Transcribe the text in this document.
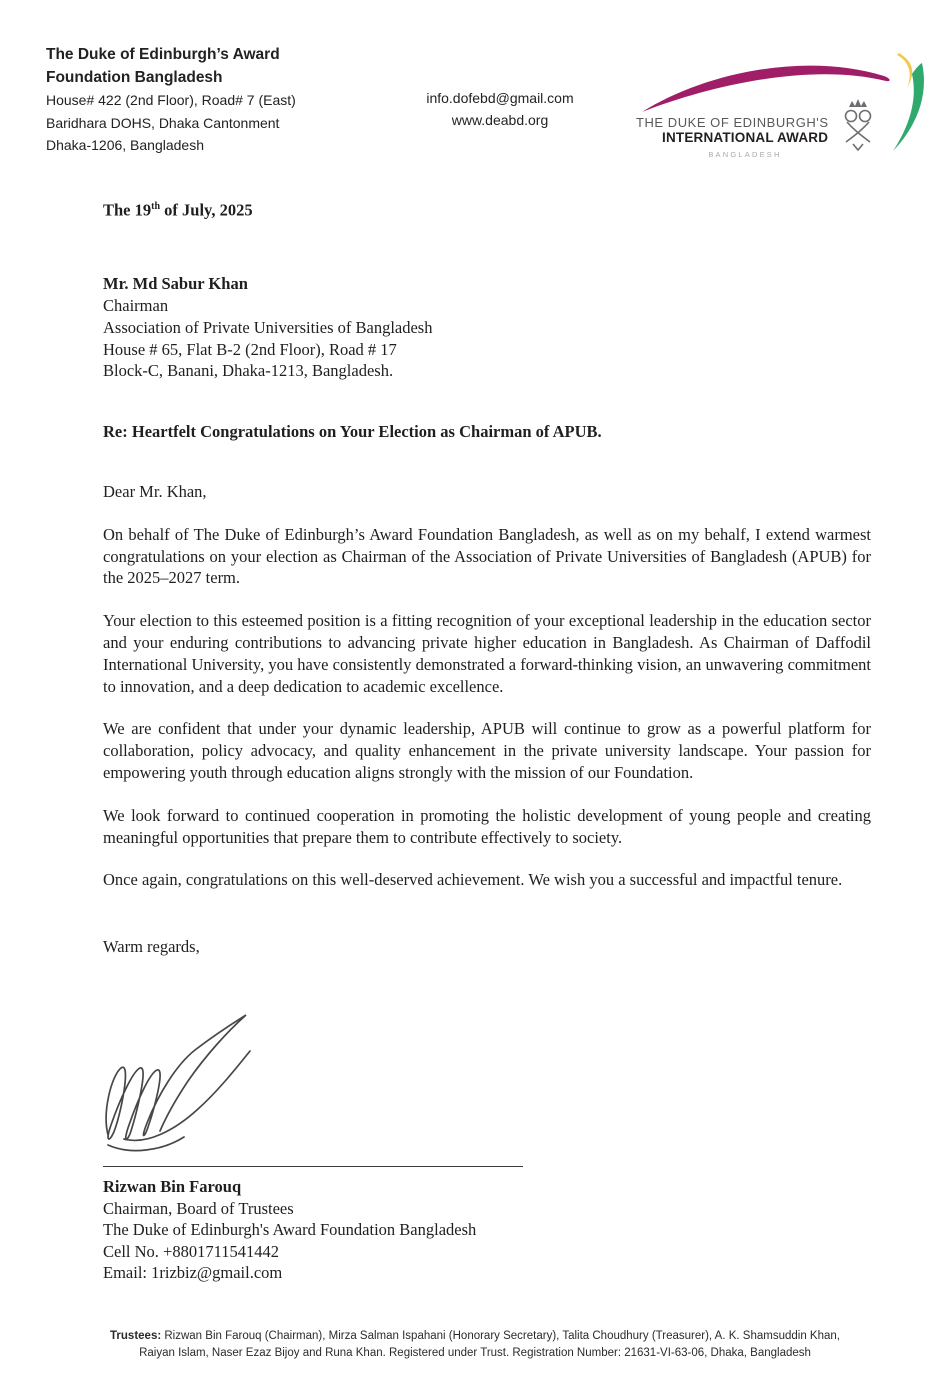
The Duke of Edinburgh’s Award
Foundation Bangladesh
House# 422 (2nd Floor), Road# 7 (East)
Baridhara DOHS, Dhaka Cantonment
Dhaka-1206, Bangladesh
info.dofebd@gmail.com
www.deabd.org	THE DUKE OF EDINBURGH'S
INTERNATIONAL AWARD
BANGLADESH
The 19th of July, 2025
Mr. Md Sabur Khan
Chairman
Association of Private Universities of Bangladesh
House # 65, Flat B-2 (2nd Floor), Road # 17
Block-C, Banani, Dhaka-1213, Bangladesh.
Re: Heartfelt Congratulations on Your Election as Chairman of APUB.
Dear Mr. Khan,

On behalf of The Duke of Edinburgh’s Award Foundation Bangladesh, as well as on my behalf, I extend warmest congratulations on your election as Chairman of the Association of Private Universities of Bangladesh (APUB) for the 2025–2027 term.

Your election to this esteemed position is a fitting recognition of your exceptional leadership in the education sector and your enduring contributions to advancing private higher education in Bangladesh. As Chairman of Daffodil International University, you have consistently demonstrated a forward-thinking vision, an unwavering commitment to innovation, and a deep dedication to academic excellence.

We are confident that under your dynamic leadership, APUB will continue to grow as a powerful platform for collaboration, policy advocacy, and quality enhancement in the private university landscape. Your passion for empowering youth through education aligns strongly with the mission of our Foundation.

We look forward to continued cooperation in promoting the holistic development of young people and creating meaningful opportunities that prepare them to contribute effectively to society.

Once again, congratulations on this well-deserved achievement. We wish you a successful and impactful tenure.

Warm regards,
Rizwan Bin Farouq
Chairman, Board of Trustees
The Duke of Edinburgh's Award Foundation Bangladesh
Cell No. +8801711541442
Email: 1rizbiz@gmail.com
Trustees: Rizwan Bin Farouq (Chairman), Mirza Salman Ispahani (Honorary Secretary), Talita Choudhury (Treasurer), A. K. Shamsuddin Khan,
Raiyan Islam, Naser Ezaz Bijoy and Runa Khan. Registered under Trust. Registration Number: 21631-VI-63-06, Dhaka, Bangladesh
